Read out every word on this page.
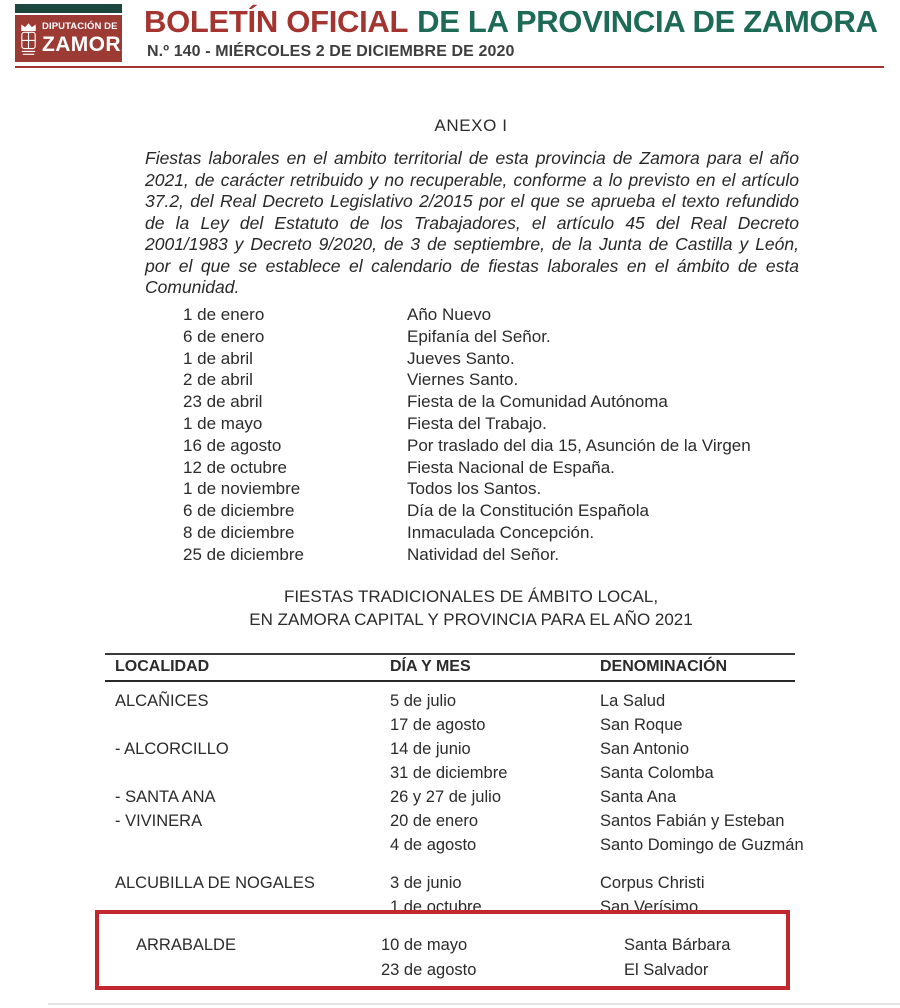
DIPUTACIÓN DE
ZAMORA
BOLETÍN OFICIAL DE LA PROVINCIA DE ZAMORA
N.º 140 - MIÉRCOLES 2 DE DICIEMBRE DE 2020
ANEXO I
Fiestas laborales en el ambito territorial de esta provincia de Zamora para el año 2021, de carácter retribuido y no recuperable, conforme a lo previsto en el artículo 37.2, del Real Decreto Legislativo 2/2015 por el que se aprueba el texto refundido de la Ley del Estatuto de los Trabajadores, el artículo 45 del Real Decreto 2001/1983 y Decreto 9/2020, de 3 de septiembre, de la Junta de Castilla y León, por el que se establece el calendario de fiestas laborales en el ámbito de esta Comunidad.
1 de enero	Año Nuevo
6 de enero	Epifanía del Señor.
1 de abril	Jueves Santo.
2 de abril	Viernes Santo.
23 de abril	Fiesta de la Comunidad Autónoma
1 de mayo	Fiesta del Trabajo.
16 de agosto	Por traslado del dia 15, Asunción de la Virgen
12 de octubre	Fiesta Nacional de España.
1 de noviembre	Todos los Santos.
6 de diciembre	Día de la Constitución Española
8 de diciembre	Inmaculada Concepción.
25 de diciembre	Natividad del Señor.
FIESTAS TRADICIONALES DE ÁMBITO LOCAL,
EN ZAMORA CAPITAL Y PROVINCIA PARA EL AÑO 2021
LOCALIDAD	DÍA Y MES	DENOMINACIÓN
ALCAÑICES	5 de julio	La Salud
17 de agosto	San Roque
- ALCORCILLO	14 de junio	San Antonio
31 de diciembre	Santa Colomba
- SANTA ANA	26 y 27 de julio	Santa Ana
- VIVINERA	20 de enero	Santos Fabián y Esteban
4 de agosto	Santo Domingo de Guzmán
ALCUBILLA DE NOGALES	3 de junio	Corpus Christi
1 de octubre	San Verísimo
ARRABALDE	10 de mayo	Santa Bárbara
23 de agosto	El Salvador
